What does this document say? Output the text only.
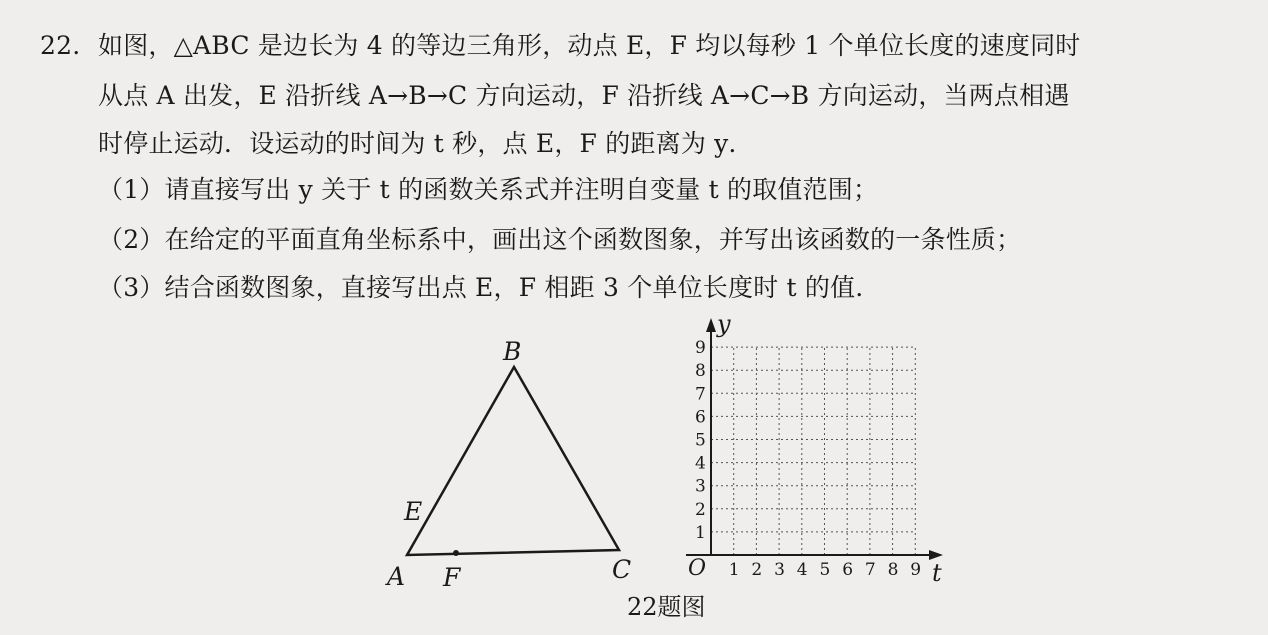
22. 如图，△ABC 是边长为 4 的等边三角形，动点 E，F 均以每秒 1 个单位长度的速度同时
从点 A 出发，E 沿折线 A→B→C 方向运动，F 沿折线 A→C→B 方向运动，当两点相遇
时停止运动．设运动的时间为 t 秒，点 E，F 的距离为 y．
（1）请直接写出 y 关于 t 的函数关系式并注明自变量 t 的取值范围；
（2）在给定的平面直角坐标系中，画出这个函数图象，并写出该函数的一条性质；
（3）结合函数图象，直接写出点 E，F 相距 3 个单位长度时 t 的值．
B
A	C
E
F
y
t
O 1 2 3 4 5 6 7 8 9
1
2
3
4
5
6
7
8
9
22题图
